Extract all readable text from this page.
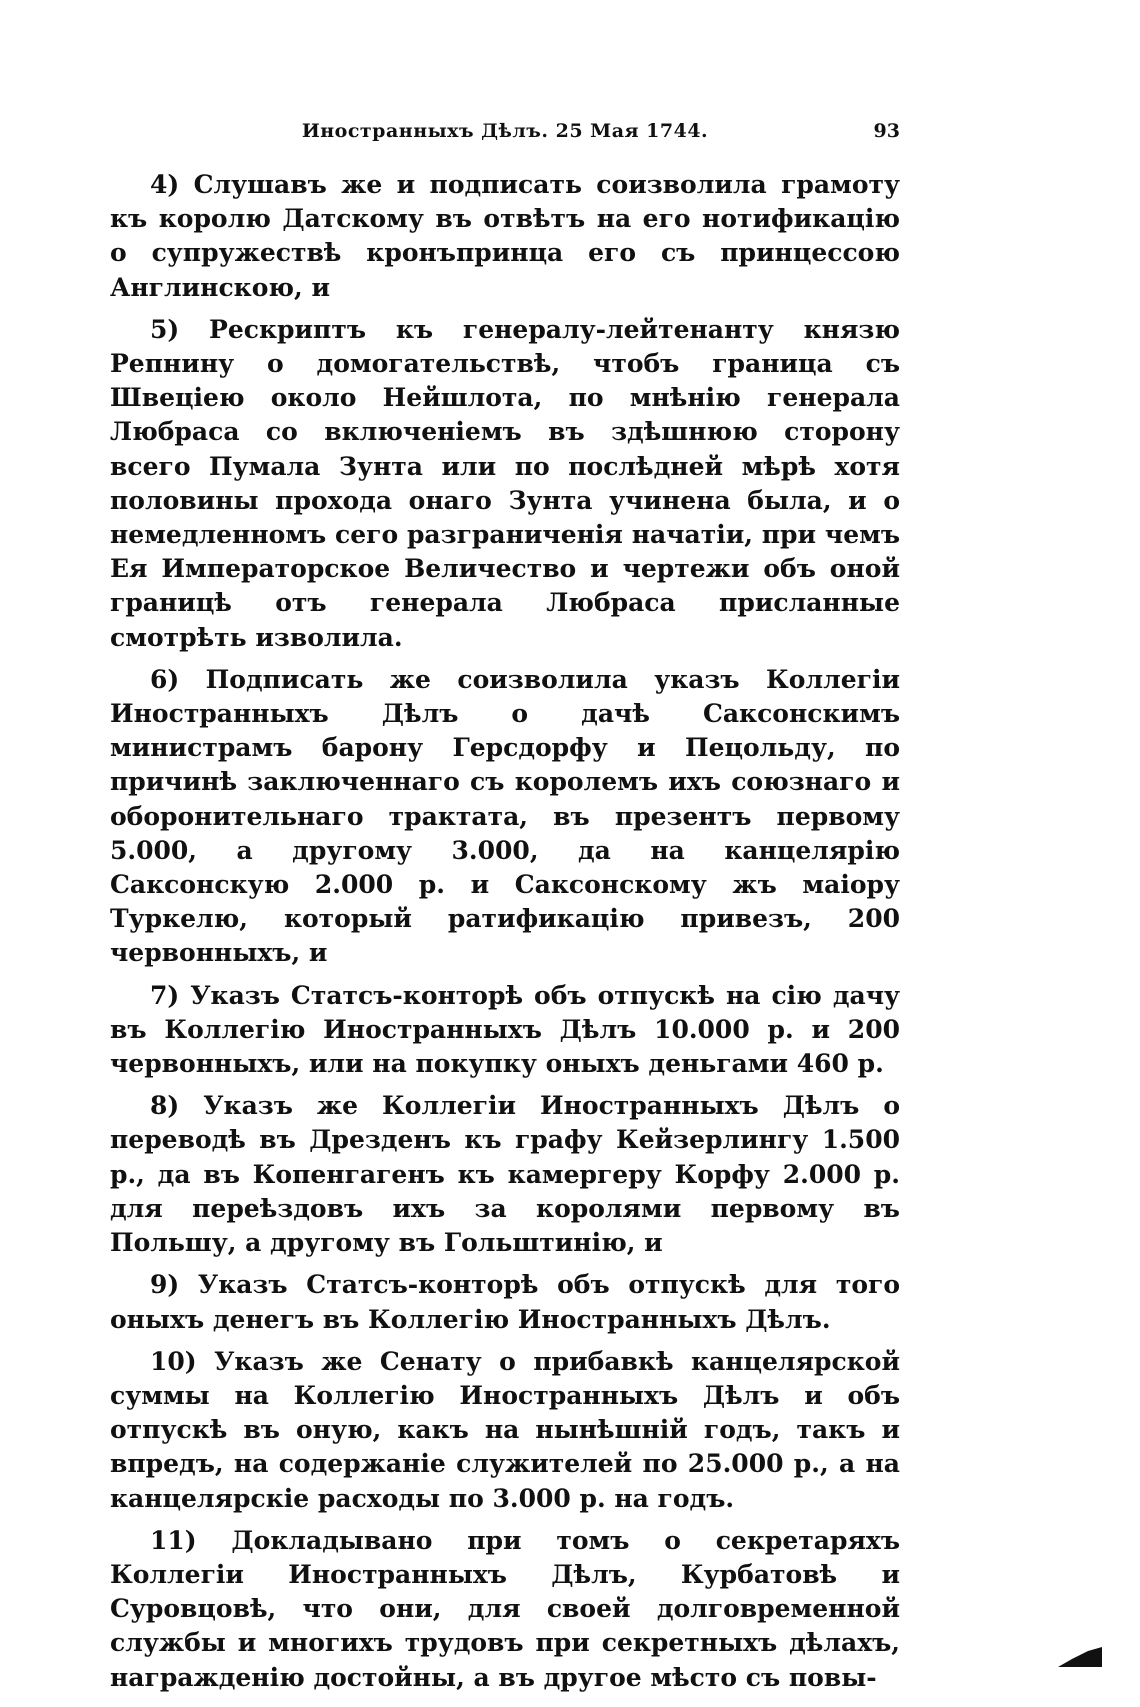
Иностранныхъ Дѣлъ. 25 Мая 1744.	93

4) Слушавъ же и подписать соизволила грамоту къ королю Датскому въ отвѣтъ на его нотификацію о супружествѣ кронъпринца его съ принцессою Англинскою, и

5) Рескриптъ къ генералу-лейтенанту князю Репнину о домогательствѣ, чтобъ граница съ Швеціею около Нейшлота, по мнѣнію генерала Любраса со включеніемъ въ здѣшнюю сторону всего Пумала Зунта или по послѣдней мѣрѣ хотя половины прохода онаго Зунта учинена была, и о немедленномъ сего разграниченія начатіи, при чемъ Ея Императорское Величество и чертежи объ оной границѣ отъ генерала Любраса присланные смотрѣть изволила.

6) Подписать же соизволила указъ Коллегіи Иностранныхъ Дѣлъ о дачѣ Саксонскимъ министрамъ барону Герсдорфу и Пецольду, по причинѣ заключеннаго съ королемъ ихъ союзнаго и оборонительнаго трактата, въ презентъ первому 5.000, а другому 3.000, да на канцелярію Саксонскую 2.000 р. и Саксонскому жъ маіору Туркелю, который ратификацію привезъ, 200 червонныхъ, и

7) Указъ Статсъ-конторѣ объ отпускѣ на сію дачу въ Коллегію Иностранныхъ Дѣлъ 10.000 р. и 200 червонныхъ, или на покупку оныхъ деньгами 460 р.

8) Указъ же Коллегіи Иностранныхъ Дѣлъ о переводѣ въ Дрезденъ къ графу Кейзерлингу 1.500 р., да въ Копенгагенъ къ камергеру Корфу 2.000 р. для переѣздовъ ихъ за королями первому въ Польшу, а другому въ Гольштинію, и

9) Указъ Статсъ-конторѣ объ отпускѣ для того оныхъ денегъ въ Коллегію Иностранныхъ Дѣлъ.

10) Указъ же Сенату о прибавкѣ канцелярской суммы на Коллегію Иностранныхъ Дѣлъ и объ отпускѣ въ оную, какъ на нынѣшній годъ, такъ и впредъ, на содержаніе служителей по 25.000 р., а на канцелярскіе расходы по 3.000 р. на годъ.

11) Докладывано при томъ о секретаряхъ Коллегіи Иностранныхъ Дѣлъ, Курбатовѣ и Суровцовѣ, что они, для своей долговременной службы и многихъ трудовъ при секретныхъ дѣлахъ, награжденію достойны, а въ другое мѣсто съ повы-
